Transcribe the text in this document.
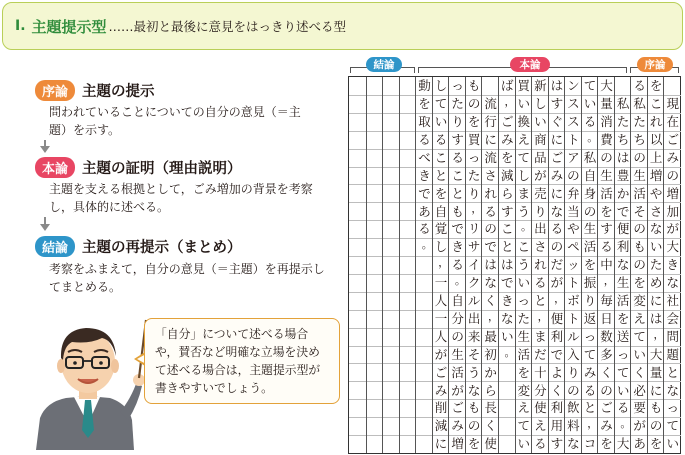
I. 主題提示型 ……最初と最後に意見をはっきり述べる型
序論 主題の提示
問われていることについての自分の意見（＝主題）を示す。
本論 主題の証明（理由説明）
主題を支える根拠として，ごみ増加の背景を考察し，具体的に述べる。
結論 主題の再提示（まとめ）
考察をふまえて，自分の意見（＝主題）を再提示してまとめる。
「自分」について述べる場合や，賛否など明確な立場を決めて述べる場合は，主題提示型が書きやすいでしょう。
結論	本論	序論
動
を
取
る
べ
き
で
あ
る
。
し
て
い
る
こ
と
を
自
覚
し
，
一
人
一
人
が
ご
み
削
減
に
っ
た
り
す
る
こ
と
も
で
き
る
。
自
分
の
生
活
が
ご
み
増
も
の
を
買
っ
た
り
，
リ
サ
イ
ク
ル
出
来
そ
う
な
も
の
を
流
行
に
流
さ
れ
る
の
で
は
な
く
，
最
初
か
ら
長
く
使
ば
，
ご
み
を
減
ら
す
こ
と
は
で
き
な
い
。
買
い
換
え
て
し
ま
う
。
こ
う
い
っ
た
生
活
を
変
え
て
い
新
し
い
商
品
が
売
り
出
さ
れ
る
と
，
ま
だ
十
分
使
え
る
は
す
ぐ
に
ご
み
に
な
る
の
だ
が
，
便
利
で
よ
く
利
用
す
ン
ス
ス
ト
ア
の
弁
当
や
ペ
ッ
ト
ボ
ト
ル
入
り
の
飲
料
な
て
い
る
。
私
自
身
の
生
活
を
振
り
返
っ
て
み
る
と
，
コ
大
量
消
費
の
生
活
を
す
る
中
，
毎
日
数
多
く
の
ご
み
を
私
た
ち
は
豊
か
で
便
利
な
生
活
を
送
っ
て
い
る
。
大
る
私
た
ち
の
生
活
そ
の
も
の
を
変
え
て
い
く
必
要
が
あ
を
こ
れ
以
上
増
や
さ
な
い
た
め
に
は
，
大
量
に
も
の
を
現
在
ご
み
の
増
加
が
大
き
な
社
会
問
題
と
な
っ
て
い
